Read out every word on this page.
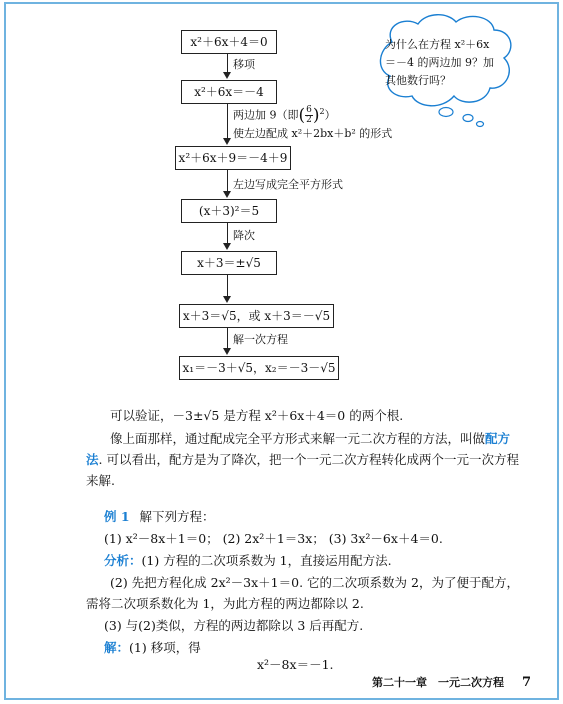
x²＋6x＋4＝0
x²＋6x＝－4
x²＋6x＋9＝－4＋9
(x＋3)²＝5
x＋3＝±√5
x＋3＝√5，或 x＋3＝－√5
x₁＝－3＋√5，x₂＝－3－√5
移项
两边加 9（即( $\frac{6}{2} )^2$）
使左边配成 x²＋2bx＋b² 的形式
左边写成完全平方形式
降次
解一次方程
为什么在方程 x²＋6x＝－4 的两边加 9？加其他数行吗？
可以验证，－3±√5 是方程 x²＋6x＋4＝0 的两个根.
像上面那样，通过配成完全平方形式来解一元二次方程的方法，叫做配方法. 可以看出，配方是为了降次，把一个一元二次方程转化成两个一元一次方程来解.
例 1 解下列方程：
(1) x²－8x＋1＝0； (2) 2x²＋1＝3x； (3) 3x²－6x＋4＝0.
分析：(1) 方程的二次项系数为 1，直接运用配方法.
(2) 先把方程化成 2x²－3x＋1＝0. 它的二次项系数为 2，为了便于配方，需将二次项系数化为 1，为此方程的两边都除以 2.
(3) 与(2)类似，方程的两边都除以 3 后再配方.
解：(1) 移项，得
x²－8x＝－1.
第二十一章　一元二次方程 7
